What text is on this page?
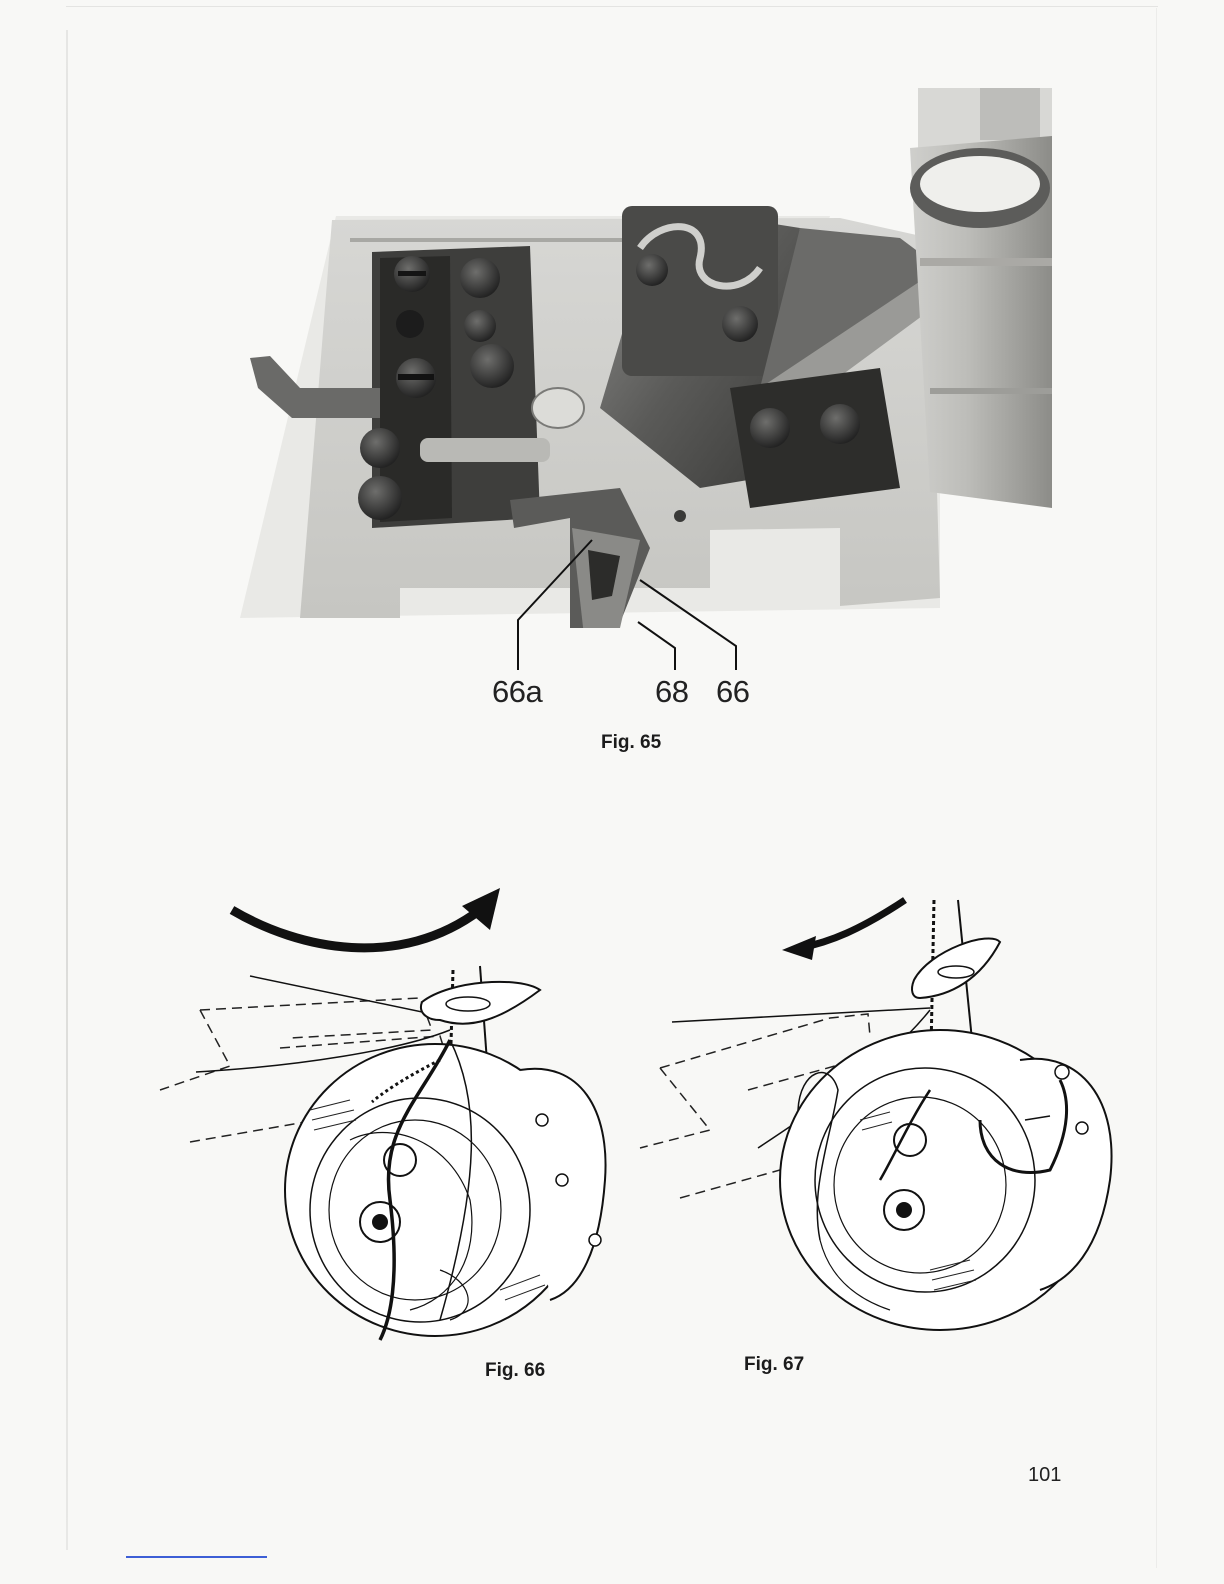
66a	68 66
Fig. 65
Fig. 66	Fig. 67
101
